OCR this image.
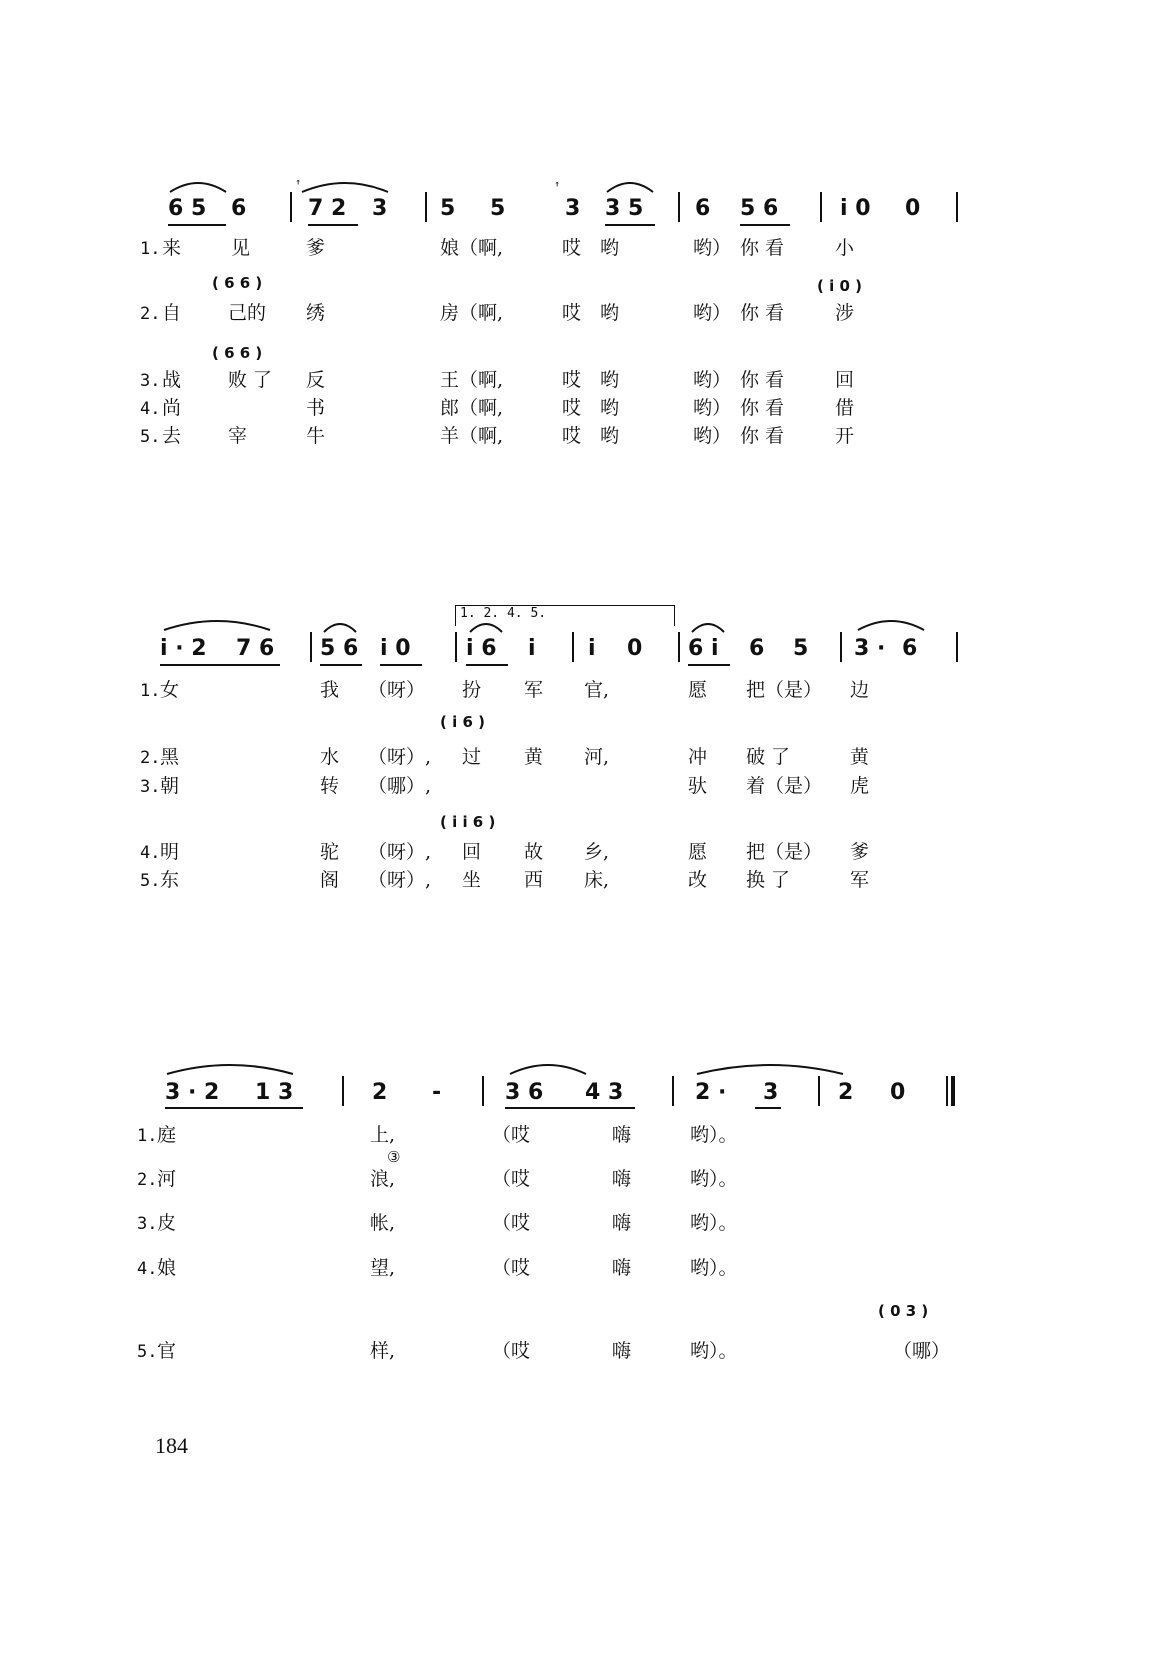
6 5 6	7 2 3 5 5	3 3 5 6 5 6	i 0 0
ꜛ	ꜛ
( 6 6 )	( i 0 )
( 6 6 )
1. 来	见	爹	娘（啊,	哎 哟	哟） 你 看	小
2. 自 己的 绣	房（啊,	哎 哟	哟） 你 看	涉
3. 战 败 了 反	王（啊,	哎 哟	哟） 你 看	回
4. 尚	书	郎（啊,	哎 哟	哟） 你 看	借
5. 去 宰	牛	羊（啊,	哎 哟	哟） 你 看	开
1. 2. 4. 5.
i · 2 7 6 5 6 i 0	i 6 i i 0 6 i 6 5 3 · 6
( i 6 )
( i i 6 )
1. 女	我 （呀） 扮 军 官,	愿 把（是） 边
2. 黑	水 （呀）, 过 黄 河,	冲 破 了	黄
3. 朝	转 （哪）,	驮 着（是） 虎
4. 明	驼 （呀）, 回 故 乡,	愿 把（是） 爹
5. 东	阁 （呀）, 坐 西 床,	改 换 了	军
3 · 2 1 3	2 -	3 6 4 3	2 · 3	2 0
( 0 3 )
1. 庭	上,	（哎	嗨	哟）。
2. 河	浪,
③
（哎	嗨	哟）。
3. 皮	帐,	（哎	嗨	哟）。
4. 娘	望,	（哎	嗨	哟）。
5. 官	样,	（哎	嗨	哟）。	（哪）
184
